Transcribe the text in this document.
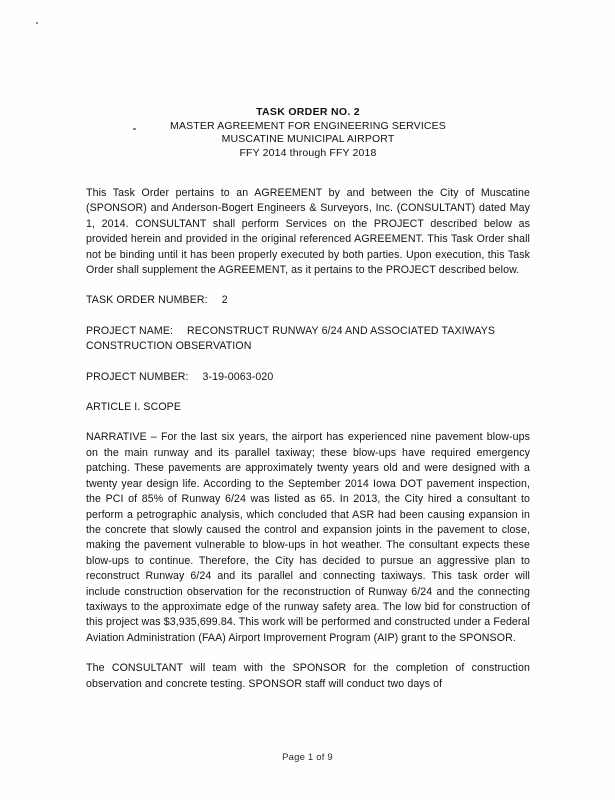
TASK ORDER NO. 2
MASTER AGREEMENT FOR ENGINEERING SERVICES
MUSCATINE MUNICIPAL AIRPORT
FFY 2014 through FFY 2018

This Task Order pertains to an AGREEMENT by and between the City of Muscatine (SPONSOR) and Anderson-Bogert Engineers & Surveyors, Inc. (CONSULTANT) dated May 1, 2014. CONSULTANT shall perform Services on the PROJECT described below as provided herein and provided in the original referenced AGREEMENT. This Task Order shall not be binding until it has been properly executed by both parties. Upon execution, this Task Order shall supplement the AGREEMENT, as it pertains to the PROJECT described below.

TASK ORDER NUMBER: 2
PROJECT NAME: RECONSTRUCT RUNWAY 6/24 AND ASSOCIATED TAXIWAYS
CONSTRUCTION OBSERVATION
PROJECT NUMBER: 3-19-0063-020
ARTICLE I. SCOPE

NARRATIVE – For the last six years, the airport has experienced nine pavement blow-ups on the main runway and its parallel taxiway; these blow-ups have required emergency patching. These pavements are approximately twenty years old and were designed with a twenty year design life. According to the September 2014 Iowa DOT pavement inspection, the PCI of 85% of Runway 6/24 was listed as 65. In 2013, the City hired a consultant to perform a petrographic analysis, which concluded that ASR had been causing expansion in the concrete that slowly caused the control and expansion joints in the pavement to close, making the pavement vulnerable to blow-ups in hot weather. The consultant expects these blow-ups to continue. Therefore, the City has decided to pursue an aggressive plan to reconstruct Runway 6/24 and its parallel and connecting taxiways. This task order will include construction observation for the reconstruction of Runway 6/24 and the connecting taxiways to the approximate edge of the runway safety area. The low bid for construction of this project was $3,935,699.84. This work will be performed and constructed under a Federal Aviation Administration (FAA) Airport Improvement Program (AIP) grant to the SPONSOR.

The CONSULTANT will team with the SPONSOR for the completion of construction observation and concrete testing. SPONSOR staff will conduct two days of

Page 1 of 9
